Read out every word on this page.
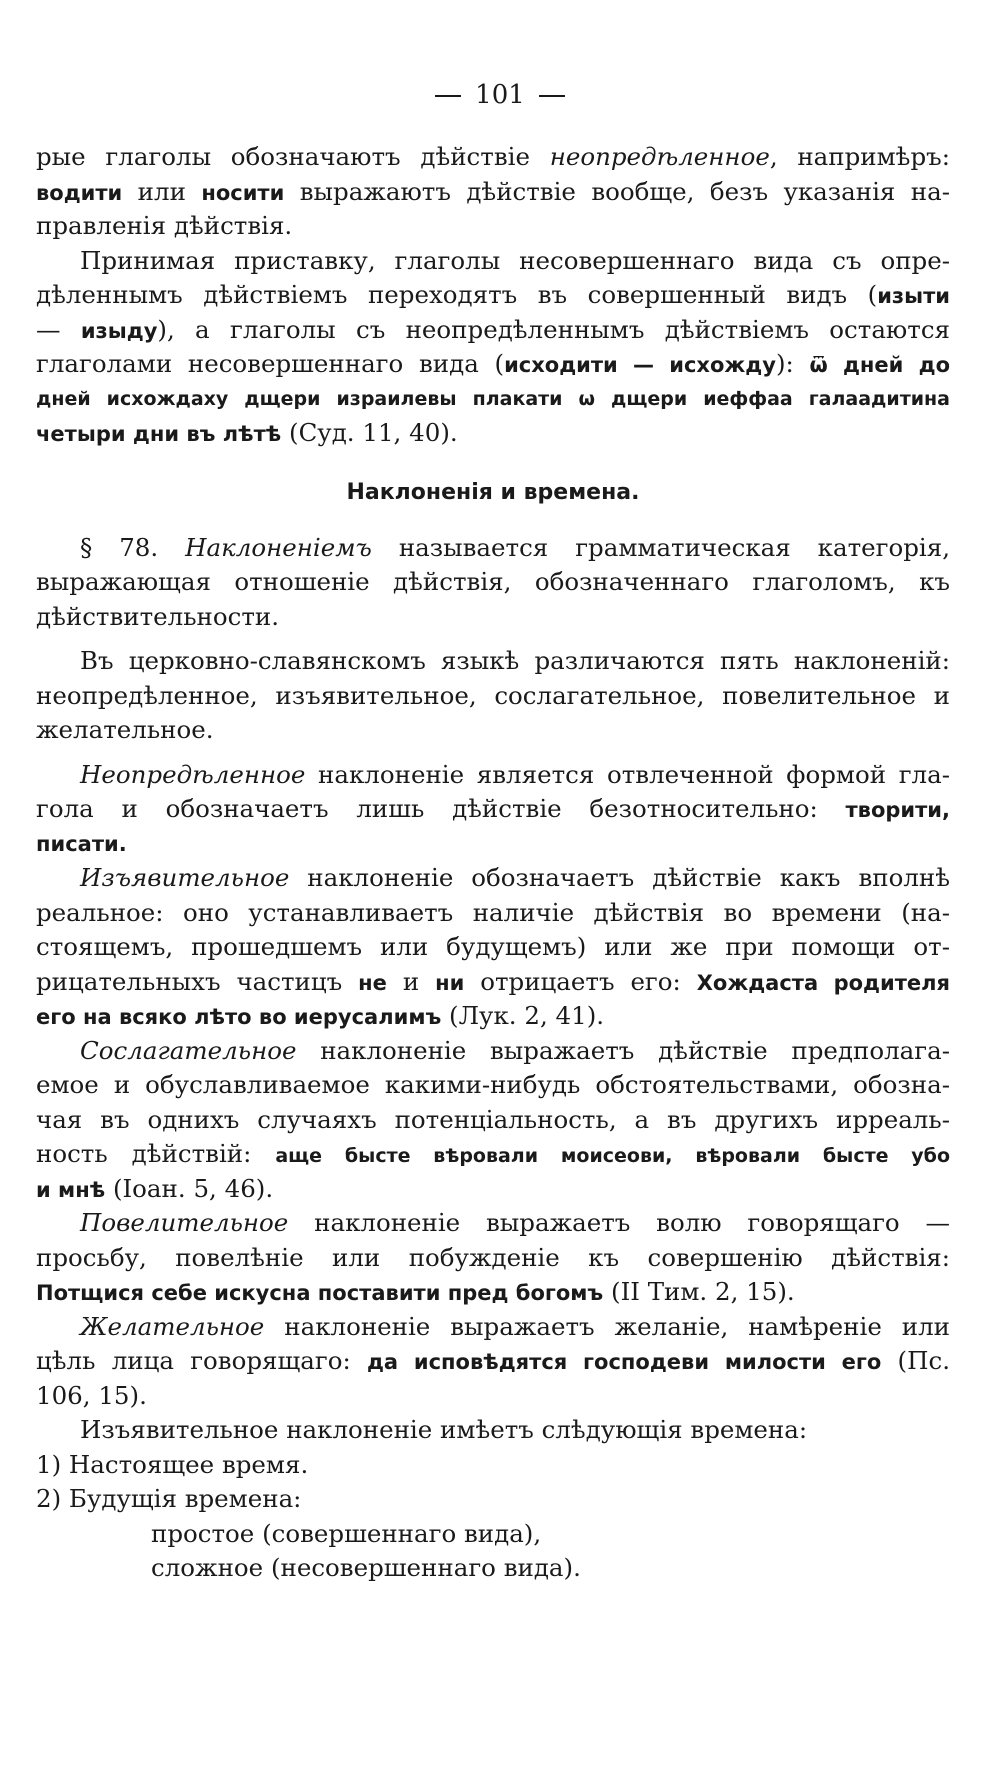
101
рые глаголы обозначаютъ дѣйствіе неопредѣленное, напримѣръ:
водити или носити выражаютъ дѣйствіе вообще, безъ указанія на-
правленія дѣйствія.
Принимая приставку, глаголы несовершеннаго вида съ опре-
дѣленнымъ дѣйствіемъ переходятъ въ совершенный видъ (изыти
— изыду), а глаголы съ неопредѣленнымъ дѣйствіемъ остаются
глаголами несовершеннаго вида (исходити — исхожду): ѿ дней до
дней исхождаху дщери израилевы плакати ѡ дщери иеффаа галаадитина
четыри дни въ лѣтѣ (Суд. 11, 40).
Наклоненія и времена.
§ 78. Наклоненіемъ называется грамматическая категорія,
выражающая отношеніе дѣйствія, обозначеннаго глаголомъ, къ
дѣйствительности.
Въ церковно-славянскомъ языкѣ различаются пять наклоненій:
неопредѣленное, изъявительное, сослагательное, повелительное и
желательное.
Неопредѣленное наклоненіе является отвлеченной формой гла-
гола и обозначаетъ лишь дѣйствіе безотносительно: творити,
писати.
Изъявительное наклоненіе обозначаетъ дѣйствіе какъ вполнѣ
реальное: оно устанавливаетъ наличіе дѣйствія во времени (на-
стоящемъ, прошедшемъ или будущемъ) или же при помощи от-
рицательныхъ частицъ не и ни отрицаетъ его: Хождаста родителя
его на всяко лѣто во иерусалимъ (Лук. 2, 41).
Сослагательное наклоненіе выражаетъ дѣйствіе предполага-
емое и обуславливаемое какими-нибудь обстоятельствами, обозна-
чая въ однихъ случаяхъ потенціальность, а въ другихъ ирреаль-
ность дѣйствій: аще бысте вѣровали моисеови, вѣровали бысте убо
и мнѣ (Іоан. 5, 46).
Повелительное наклоненіе выражаетъ волю говорящаго —
просьбу, повелѣніе или побужденіе къ совершенію дѣйствія:
Потщися себе искусна поставити пред богомъ (II Тим. 2, 15).
Желательное наклоненіе выражаетъ желаніе, намѣреніе или
цѣль лица говорящаго: да исповѣдятся господеви милости его (Пс.
106, 15).
Изъявительное наклоненіе имѣетъ слѣдующія времена:
1) Настоящее время.
2) Будущія времена:
простое (совершеннаго вида),
сложное (несовершеннаго вида).
